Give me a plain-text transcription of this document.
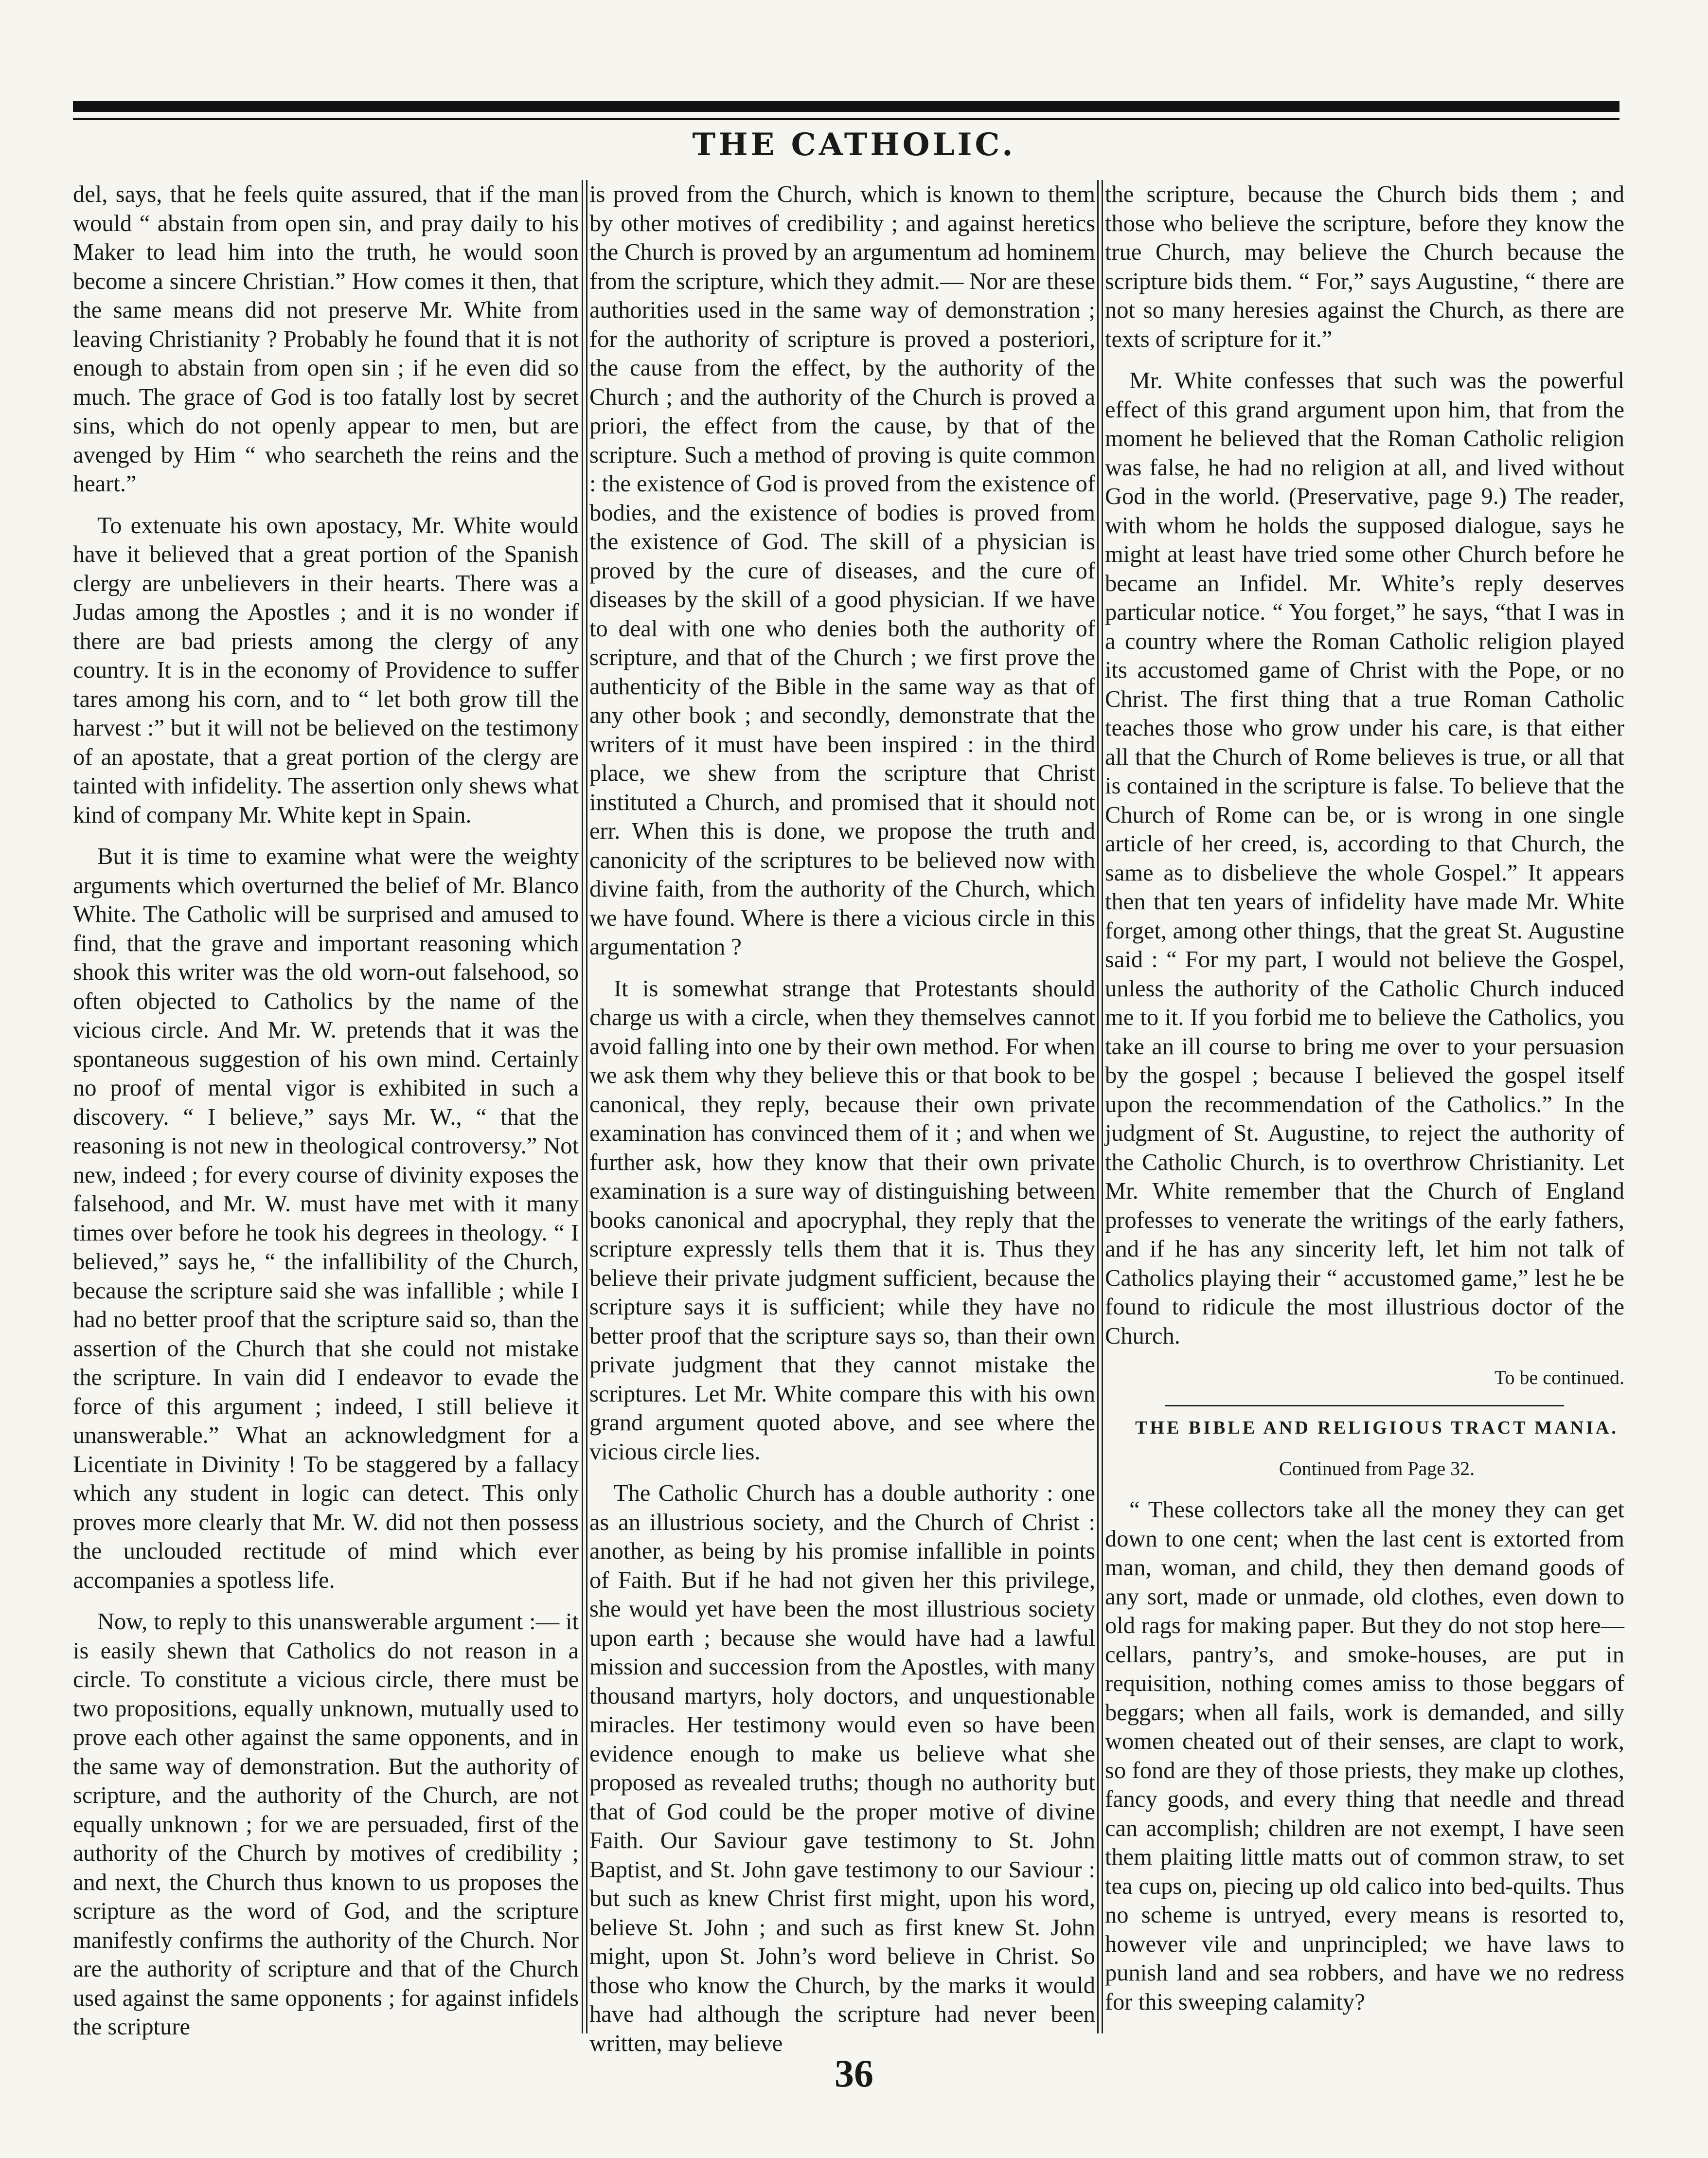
THE CATHOLIC.

del, says, that he feels quite assured, that if the man would “ abstain from open sin, and pray daily to his Maker to lead him into the truth, he would soon become a sincere Christian.” How comes it then, that the same means did not preserve Mr. White from leaving Christianity ? Probably he found that it is not enough to abstain from open sin ; if he even did so much. The grace of God is too fatally lost by secret sins, which do not openly appear to men, but are avenged by Him “ who searcheth the reins and the heart.”

To extenuate his own apostacy, Mr. White would have it believed that a great portion of the Spanish clergy are unbelievers in their hearts. There was a Judas among the Apostles ; and it is no wonder if there are bad priests among the clergy of any country. It is in the economy of Providence to suffer tares among his corn, and to “ let both grow till the harvest :” but it will not be believed on the testimony of an apostate, that a great portion of the clergy are tainted with infidelity. The assertion only shews what kind of company Mr. White kept in Spain.

But it is time to examine what were the weighty arguments which overturned the belief of Mr. Blanco White. The Catholic will be surprised and amused to find, that the grave and important reasoning which shook this writer was the old worn-out falsehood, so often objected to Catholics by the name of the vicious circle. And Mr. W. pretends that it was the spontaneous suggestion of his own mind. Certainly no proof of mental vigor is exhibited in such a discovery. “ I believe,” says Mr. W., “ that the reasoning is not new in theological controversy.” Not new, indeed ; for every course of divinity exposes the falsehood, and Mr. W. must have met with it many times over before he took his degrees in theology. “ I believed,” says he, “ the infallibility of the Church, because the scripture said she was infallible ; while I had no better proof that the scripture said so, than the assertion of the Church that she could not mistake the scripture. In vain did I endeavor to evade the force of this argument ; indeed, I still believe it unanswerable.” What an acknowledgment for a Licentiate in Divinity ! To be staggered by a fallacy which any student in logic can detect. This only proves more clearly that Mr. W. did not then possess the unclouded rectitude of mind which ever accompanies a spotless life.

Now, to reply to this unanswerable argument :— it is easily shewn that Catholics do not reason in a circle. To constitute a vicious circle, there must be two propositions, equally unknown, mutually used to prove each other against the same opponents, and in the same way of demonstration. But the authority of scripture, and the authority of the Church, are not equally unknown ; for we are persuaded, first of the authority of the Church by motives of credibility ; and next, the Church thus known to us proposes the scripture as the word of God, and the scripture manifestly confirms the authority of the Church. Nor are the authority of scripture and that of the Church used against the same opponents ; for against infidels the scripture

is proved from the Church, which is known to them by other motives of credibility ; and against heretics the Church is proved by an argumentum ad hominem from the scripture, which they admit.— Nor are these authorities used in the same way of demonstration ; for the authority of scripture is proved a posteriori, the cause from the effect, by the authority of the Church ; and the authority of the Church is proved a priori, the effect from the cause, by that of the scripture. Such a method of proving is quite common : the existence of God is proved from the existence of bodies, and the existence of bodies is proved from the existence of God. The skill of a physician is proved by the cure of diseases, and the cure of diseases by the skill of a good physician. If we have to deal with one who denies both the authority of scripture, and that of the Church ; we first prove the authenticity of the Bible in the same way as that of any other book ; and secondly, demonstrate that the writers of it must have been inspired : in the third place, we shew from the scripture that Christ instituted a Church, and promised that it should not err. When this is done, we propose the truth and canonicity of the scriptures to be believed now with divine faith, from the authority of the Church, which we have found. Where is there a vicious circle in this argumentation ?

It is somewhat strange that Protestants should charge us with a circle, when they themselves cannot avoid falling into one by their own method. For when we ask them why they believe this or that book to be canonical, they reply, because their own private examination has convinced them of it ; and when we further ask, how they know that their own private examination is a sure way of distinguishing between books canonical and apocryphal, they reply that the scripture expressly tells them that it is. Thus they believe their private judgment sufficient, because the scripture says it is sufficient; while they have no better proof that the scripture says so, than their own private judgment that they cannot mistake the scriptures. Let Mr. White compare this with his own grand argument quoted above, and see where the vicious circle lies.

The Catholic Church has a double authority : one as an illustrious society, and the Church of Christ : another, as being by his promise infallible in points of Faith. But if he had not given her this privilege, she would yet have been the most illustrious society upon earth ; because she would have had a lawful mission and succession from the Apostles, with many thousand martyrs, holy doctors, and unquestionable miracles. Her testimony would even so have been evidence enough to make us believe what she proposed as revealed truths; though no authority but that of God could be the proper motive of divine Faith. Our Saviour gave testimony to St. John Baptist, and St. John gave testimony to our Saviour : but such as knew Christ first might, upon his word, believe St. John ; and such as first knew St. John might, upon St. John’s word believe in Christ. So those who know the Church, by the marks it would have had although the scripture had never been written, may believe

the scripture, because the Church bids them ; and those who believe the scripture, before they know the true Church, may believe the Church because the scripture bids them. “ For,” says Augustine, “ there are not so many heresies against the Church, as there are texts of scripture for it.”

Mr. White confesses that such was the powerful effect of this grand argument upon him, that from the moment he believed that the Roman Catholic religion was false, he had no religion at all, and lived without God in the world. (Preservative, page 9.) The reader, with whom he holds the supposed dialogue, says he might at least have tried some other Church before he became an Infidel. Mr. White’s reply deserves particular notice. “ You forget,” he says, “that I was in a country where the Roman Catholic religion played its accustomed game of Christ with the Pope, or no Christ. The first thing that a true Roman Catholic teaches those who grow under his care, is that either all that the Church of Rome believes is true, or all that is contained in the scripture is false. To believe that the Church of Rome can be, or is wrong in one single article of her creed, is, according to that Church, the same as to disbelieve the whole Gospel.” It appears then that ten years of infidelity have made Mr. White forget, among other things, that the great St. Augustine said : “ For my part, I would not believe the Gospel, unless the authority of the Catholic Church induced me to it. If you forbid me to believe the Catholics, you take an ill course to bring me over to your persuasion by the gospel ; because I believed the gospel itself upon the recommendation of the Catholics.” In the judgment of St. Augustine, to reject the authority of the Catholic Church, is to overthrow Christianity. Let Mr. White remember that the Church of England professes to venerate the writings of the early fathers, and if he has any sincerity left, let him not talk of Catholics playing their “ accustomed game,” lest he be found to ridicule the most illustrious doctor of the Church.

To be continued.

THE BIBLE AND RELIGIOUS TRACT MANIA.

Continued from Page 32.

“ These collectors take all the money they can get down to one cent; when the last cent is extorted from man, woman, and child, they then demand goods of any sort, made or unmade, old clothes, even down to old rags for making paper. But they do not stop here—cellars, pantry’s, and smoke-houses, are put in requisition, nothing comes amiss to those beggars of beggars; when all fails, work is demanded, and silly women cheated out of their senses, are clapt to work, so fond are they of those priests, they make up clothes, fancy goods, and every thing that needle and thread can accomplish; children are not exempt, I have seen them plaiting little matts out of common straw, to set tea cups on, piecing up old calico into bed-quilts. Thus no scheme is untryed, every means is resorted to, however vile and unprincipled; we have laws to punish land and sea robbers, and have we no redress for this sweeping calamity?

36
